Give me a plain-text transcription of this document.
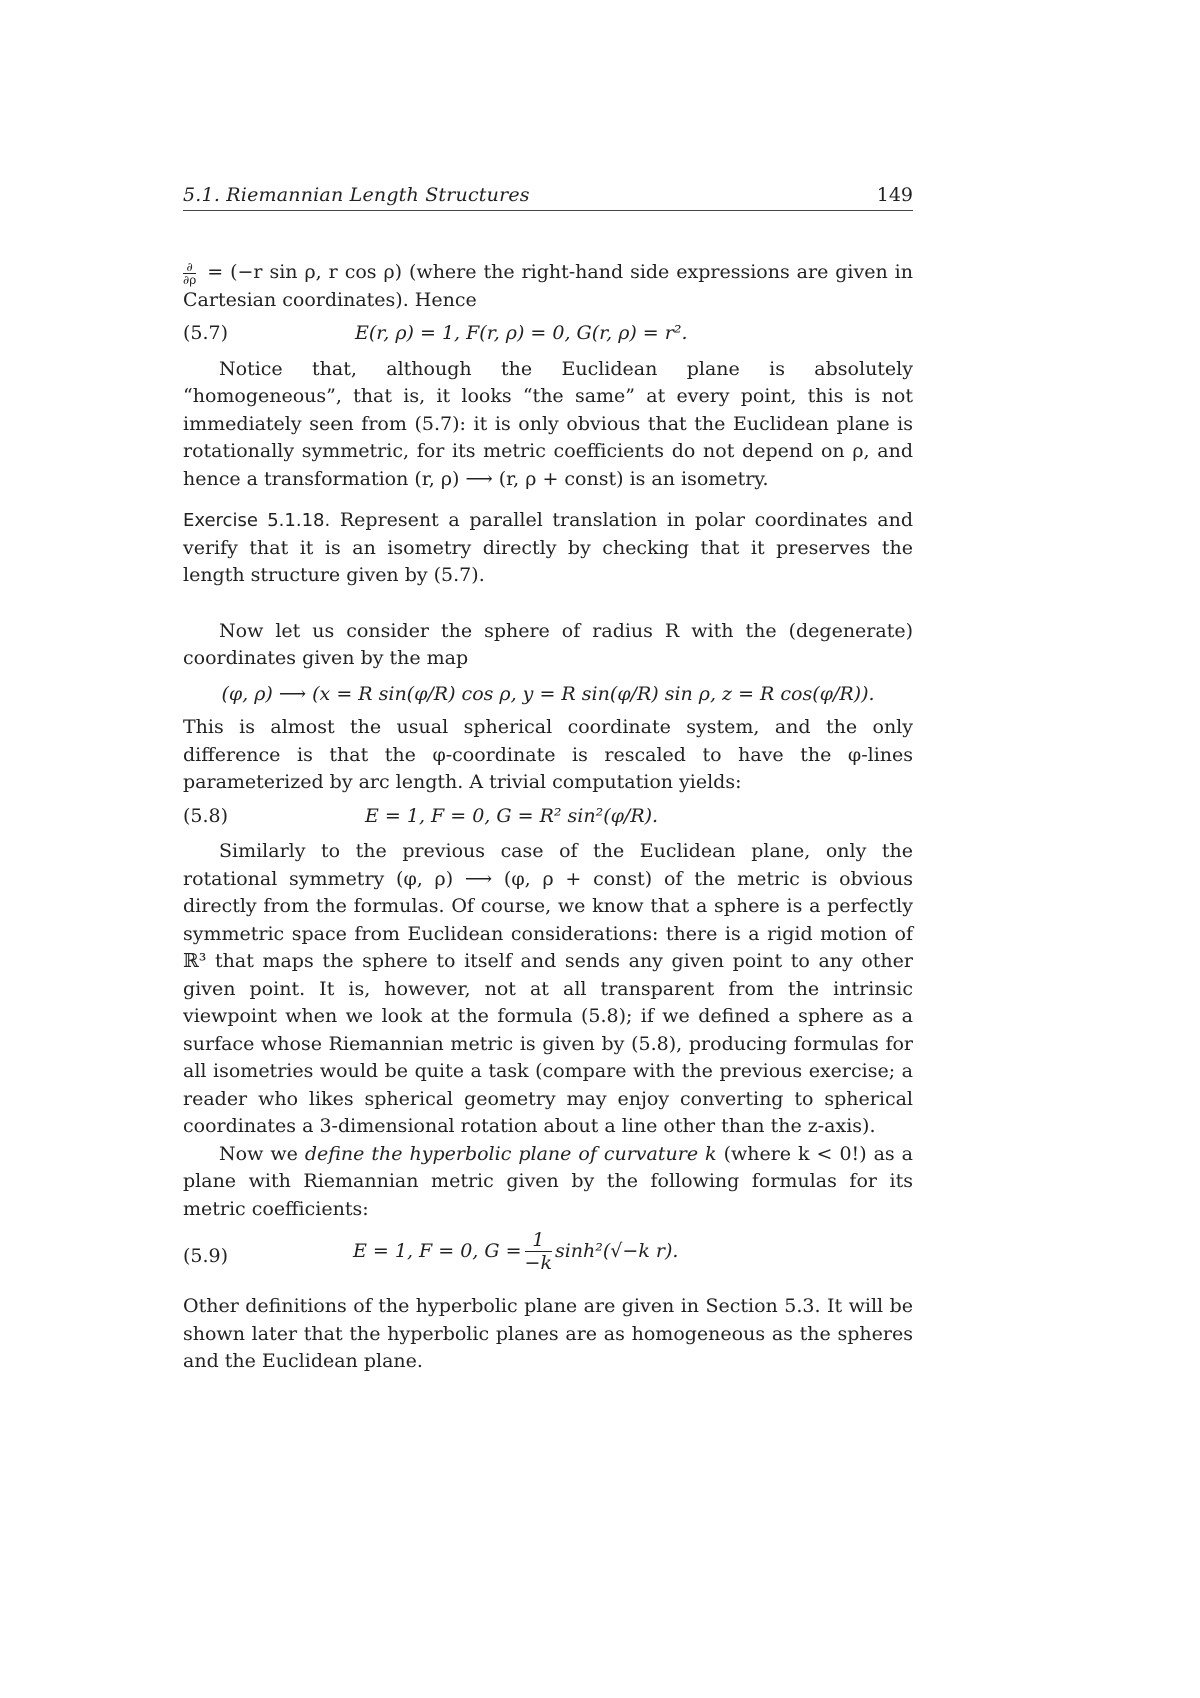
5.1. Riemannian Length Structures	149

$\frac{\partial}{\partial\rho} = (-r$ sin ρ, r cos ρ) (where the right-hand side expressions are given in Cartesian coordinates). Hence

(5.7)	E(r, ρ) = 1, F(r, ρ) = 0, G(r, ρ) = r².

Notice that, although the Euclidean plane is absolutely “homogeneous”, that is, it looks “the same” at every point, this is not immediately seen from (5.7): it is only obvious that the Euclidean plane is rotationally symmetric, for its metric coefficients do not depend on ρ, and hence a transformation (r, ρ) ⟶ (r, ρ + const) is an isometry.

Exercise 5.1.18. Represent a parallel translation in polar coordinates and verify that it is an isometry directly by checking that it preserves the length structure given by (5.7).

Now let us consider the sphere of radius R with the (degenerate) coordinates given by the map

(φ, ρ) ⟶ (x = R sin(φ/R) cos ρ, y = R sin(φ/R) sin ρ, z = R cos(φ/R)).

This is almost the usual spherical coordinate system, and the only difference is that the φ-coordinate is rescaled to have the φ-lines parameterized by arc length. A trivial computation yields:

(5.8)	E = 1, F = 0, G = R² sin²(φ/R).

Similarly to the previous case of the Euclidean plane, only the rotational symmetry (φ, ρ) ⟶ (φ, ρ + const) of the metric is obvious directly from the formulas. Of course, we know that a sphere is a perfectly symmetric space from Euclidean considerations: there is a rigid motion of ℝ³ that maps the sphere to itself and sends any given point to any other given point. It is, however, not at all transparent from the intrinsic viewpoint when we look at the formula (5.8); if we defined a sphere as a surface whose Riemannian metric is given by (5.8), producing formulas for all isometries would be quite a task (compare with the previous exercise; a reader who likes spherical geometry may enjoy converting to spherical coordinates a 3-dimensional rotation about a line other than the z-axis).

Now we define the hyperbolic plane of curvature k (where k < 0!) as a plane with Riemannian metric given by the following formulas for its metric coefficients:

(5.9)	E = 1, F = 0, $G = \frac{1}{-k} \sinh^2(√-k$ r).

Other definitions of the hyperbolic plane are given in Section 5.3. It will be shown later that the hyperbolic planes are as homogeneous as the spheres and the Euclidean plane.
